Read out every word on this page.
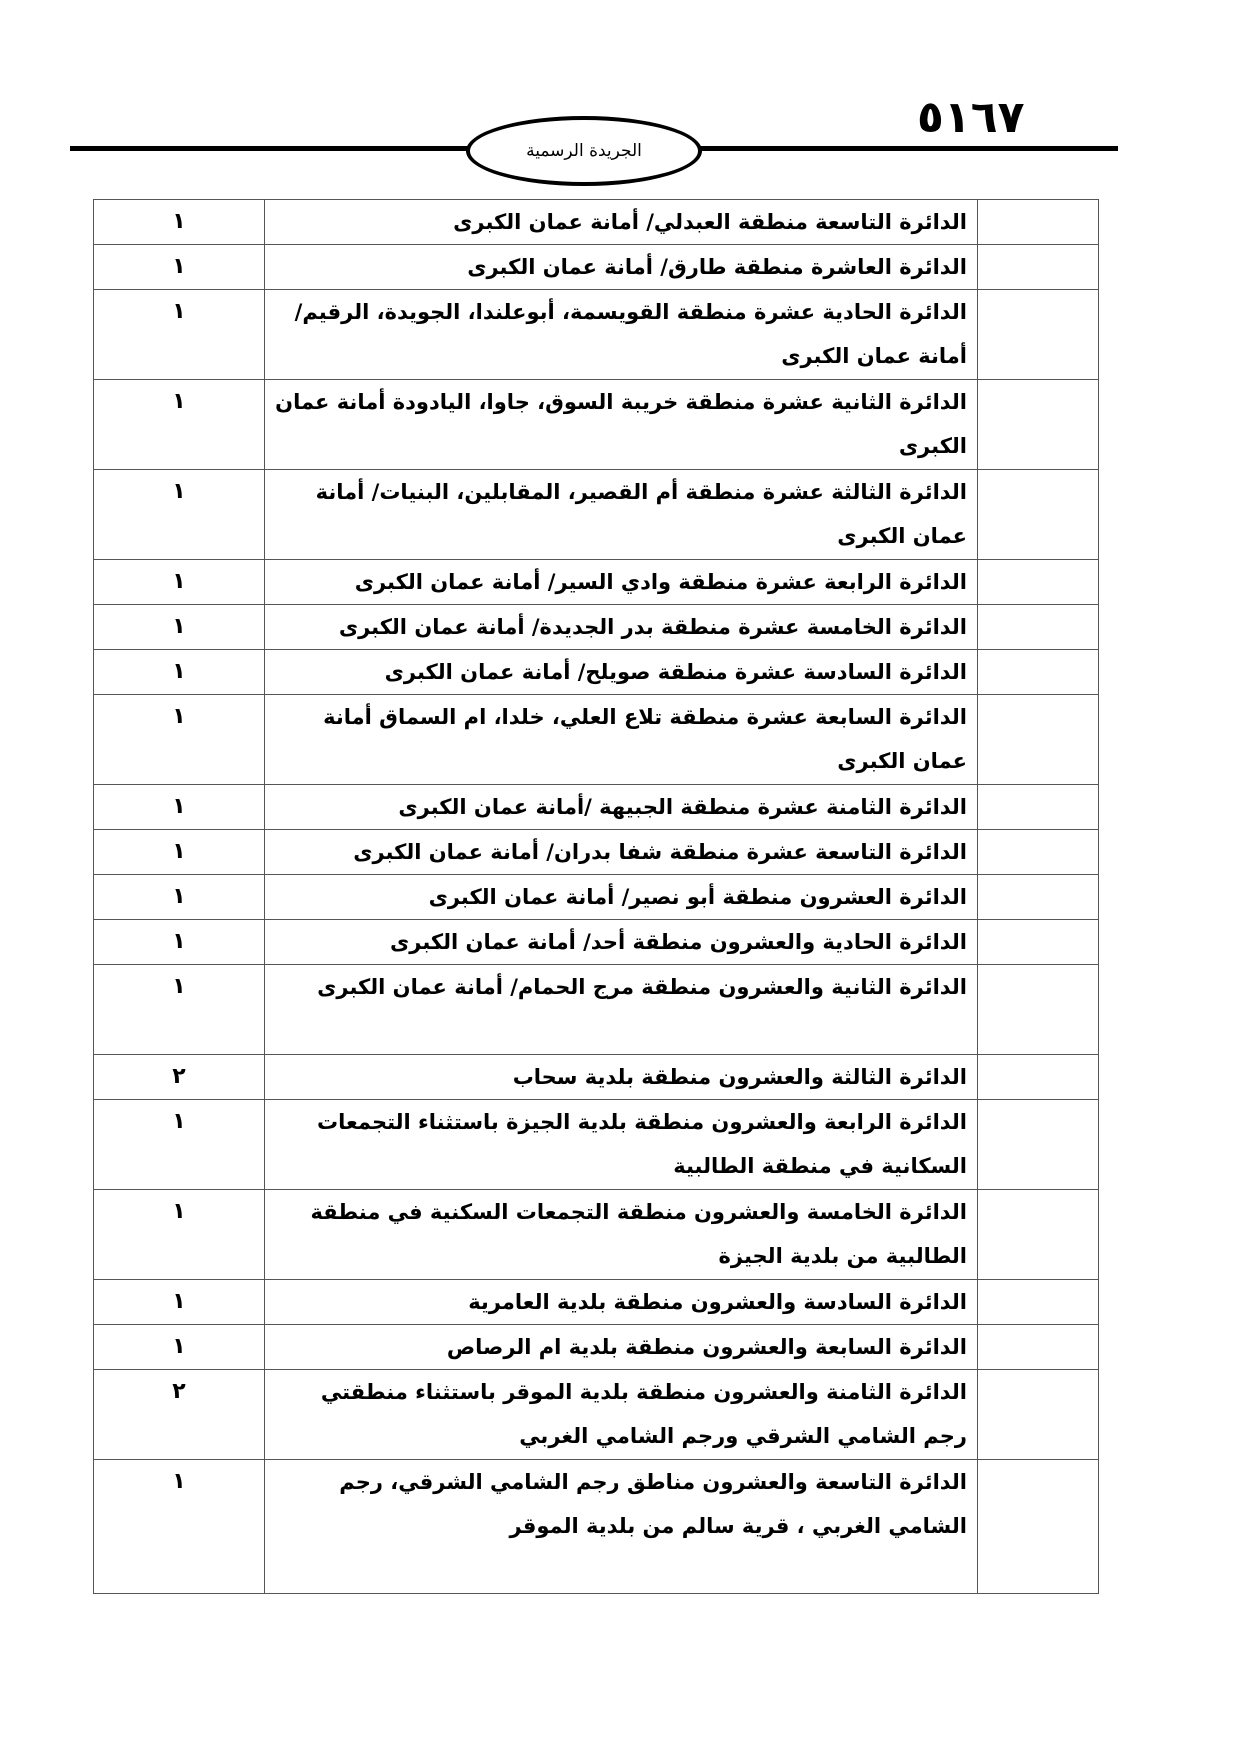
٥١٦٧
الجريدة الرسمية
	الدائرة التاسعة منطقة العبدلي/ أمانة عمان الكبرى	١
	الدائرة العاشرة منطقة طارق/ أمانة عمان الكبرى	١
	الدائرة الحادية عشرة منطقة القويسمة، أبوعلندا، الجويدة، الرقيم/ أمانة عمان الكبرى	١
	الدائرة الثانية عشرة منطقة خريبة السوق، جاوا، اليادودة أمانة عمان الكبرى	١
	الدائرة الثالثة عشرة منطقة أم القصير، المقابلين، البنيات/ أمانة عمان الكبرى	١
	الدائرة الرابعة عشرة منطقة وادي السير/ أمانة عمان الكبرى	١
	الدائرة الخامسة عشرة منطقة بدر الجديدة/ أمانة عمان الكبرى	١
	الدائرة السادسة عشرة منطقة صويلح/ أمانة عمان الكبرى	١
	الدائرة السابعة عشرة منطقة تلاع العلي، خلدا، ام السماق أمانة عمان الكبرى	١
	الدائرة الثامنة عشرة منطقة الجبيهة /أمانة عمان الكبرى	١
	الدائرة التاسعة عشرة منطقة شفا بدران/ أمانة عمان الكبرى	١
	الدائرة العشرون منطقة أبو نصير/ أمانة عمان الكبرى	١
	الدائرة الحادية والعشرون منطقة أحد/ أمانة عمان الكبرى	١
	الدائرة الثانية والعشرون منطقة مرج الحمام/ أمانة عمان الكبرى	١
	الدائرة الثالثة والعشرون منطقة بلدية سحاب	٢
	الدائرة الرابعة والعشرون منطقة بلدية الجيزة باستثناء التجمعات السكانية في منطقة الطالبية	١
	الدائرة الخامسة والعشرون منطقة التجمعات السكنية في منطقة الطالبية من بلدية الجيزة	١
	الدائرة السادسة والعشرون منطقة بلدية العامرية	١
	الدائرة السابعة والعشرون منطقة بلدية ام الرصاص	١
	الدائرة الثامنة والعشرون منطقة بلدية الموقر باستثناء منطقتي رجم الشامي الشرقي ورجم الشامي الغربي	٢
	الدائرة التاسعة والعشرون مناطق رجم الشامي الشرقي، رجم الشامي الغربي ، قرية سالم من بلدية الموقر	١
